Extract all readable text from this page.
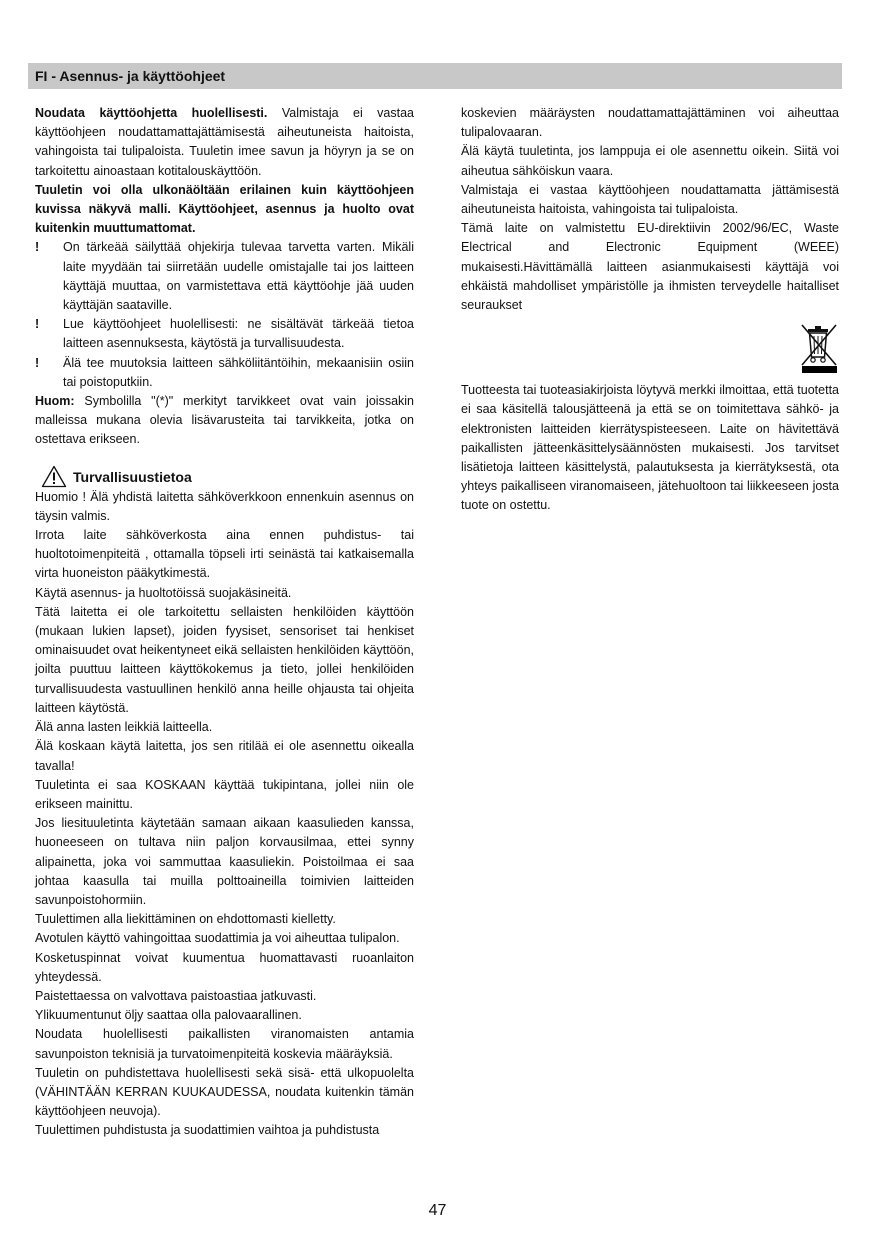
FI - Asennus- ja käyttöohjeet

Noudata käyttöohjetta huolellisesti. Valmistaja ei vastaa käyttöohjeen noudattamattajättämisestä aiheutuneista haitoista, vahingoista tai tulipaloista. Tuuletin imee savun ja höyryn ja se on tarkoitettu ainoastaan kotitalouskäyttöön.

Tuuletin voi olla ulkonäöltään erilainen kuin käyttöohjeen kuvissa näkyvä malli. Käyttöohjeet, asennus ja huolto ovat kuitenkin muuttumattomat.

!	On tärkeää säilyttää ohjekirja tulevaa tarvetta varten. Mikäli laite myydään tai siirretään uudelle omistajalle tai jos laitteen käyttäjä muuttaa, on varmistettava että käyttöohje jää uuden käyttäjän saataville.
!	Lue käyttöohjeet huolellisesti: ne sisältävät tärkeää tietoa laitteen asennuksesta, käytöstä ja turvallisuudesta.
!	Älä tee muutoksia laitteen sähköliitäntöihin, mekaanisiin osiin tai poistoputkiin.

Huom: Symbolilla "(*)" merkityt tarvikkeet ovat vain joissakin malleissa mukana olevia lisävarusteita tai tarvikkeita, jotka on ostettava erikseen.

Turvallisuustietoa

Huomio ! Älä yhdistä laitetta sähköverkkoon ennenkuin asennus on täysin valmis.

Irrota laite sähköverkosta aina ennen puhdistus- tai huoltotoimenpiteitä , ottamalla töpseli irti seinästä tai katkaisemalla virta huoneiston pääkytkimestä.

Käytä asennus- ja huoltotöissä suojakäsineitä.

Tätä laitetta ei ole tarkoitettu sellaisten henkilöiden käyttöön (mukaan lukien lapset), joiden fyysiset, sensoriset tai henkiset ominaisuudet ovat heikentyneet eikä sellaisten henkilöiden käyttöön, joilta puuttuu laitteen käyttökokemus ja tieto, jollei henkilöiden turvallisuudesta vastuullinen henkilö anna heille ohjausta tai ohjeita laitteen käytöstä.

Älä anna lasten leikkiä laitteella.

Älä koskaan käytä laitetta, jos sen ritilää ei ole asennettu oikealla tavalla!

Tuuletinta ei saa KOSKAAN käyttää tukipintana, jollei niin ole erikseen mainittu.

Jos liesituuletinta käytetään samaan aikaan kaasulieden kanssa, huoneeseen on tultava niin paljon korvausilmaa, ettei synny alipainetta, joka voi sammuttaa kaasuliekin. Poistoilmaa ei saa johtaa kaasulla tai muilla polttoaineilla toimivien laitteiden savunpoistohormiin.

Tuulettimen alla liekittäminen on ehdottomasti kielletty.

Avotulen käyttö vahingoittaa suodattimia ja voi aiheuttaa tulipalon.

Kosketuspinnat voivat kuumentua huomattavasti ruoanlaiton yhteydessä.

Paistettaessa on valvottava paistoastiaa jatkuvasti.

Ylikuumentunut öljy saattaa olla palovaarallinen.

Noudata huolellisesti paikallisten viranomaisten antamia savunpoiston teknisiä ja turvatoimenpiteitä koskevia määräyksiä.

Tuuletin on puhdistettava huolellisesti sekä sisä- että ulkopuolelta (VÄHINTÄÄN KERRAN KUUKAUDESSA, noudata kuitenkin tämän käyttöohjeen neuvoja).

Tuulettimen puhdistusta ja suodattimien vaihtoa ja puhdistusta

koskevien määräysten noudattamattajättäminen voi aiheuttaa tulipalovaaran.

Älä käytä tuuletinta, jos lamppuja ei ole asennettu oikein. Siitä voi aiheutua sähköiskun vaara.

Valmistaja ei vastaa käyttöohjeen noudattamatta jättämisestä aiheutuneista haitoista, vahingoista tai tulipaloista.

Tämä laite on valmistettu EU-direktiivin 2002/96/EC, Waste Electrical and Electronic Equipment (WEEE) mukaisesti.Hävittämällä laitteen asianmukaisesti käyttäjä voi ehkäistä mahdolliset ympäristölle ja ihmisten terveydelle haitalliset seuraukset

Tuotteesta tai tuoteasiakirjoista löytyvä merkki ilmoittaa, että tuotetta ei saa käsitellä talousjätteenä ja että se on toimitettava sähkö- ja elektronisten laitteiden kierrätyspisteeseen. Laite on hävitettävä paikallisten jätteenkäsittelysäännösten mukaisesti. Jos tarvitset lisätietoja laitteen käsittelystä, palautuksesta ja kierrätyksestä, ota yhteys paikalliseen viranomaiseen, jätehuoltoon tai liikkeeseen josta tuote on ostettu.

47
